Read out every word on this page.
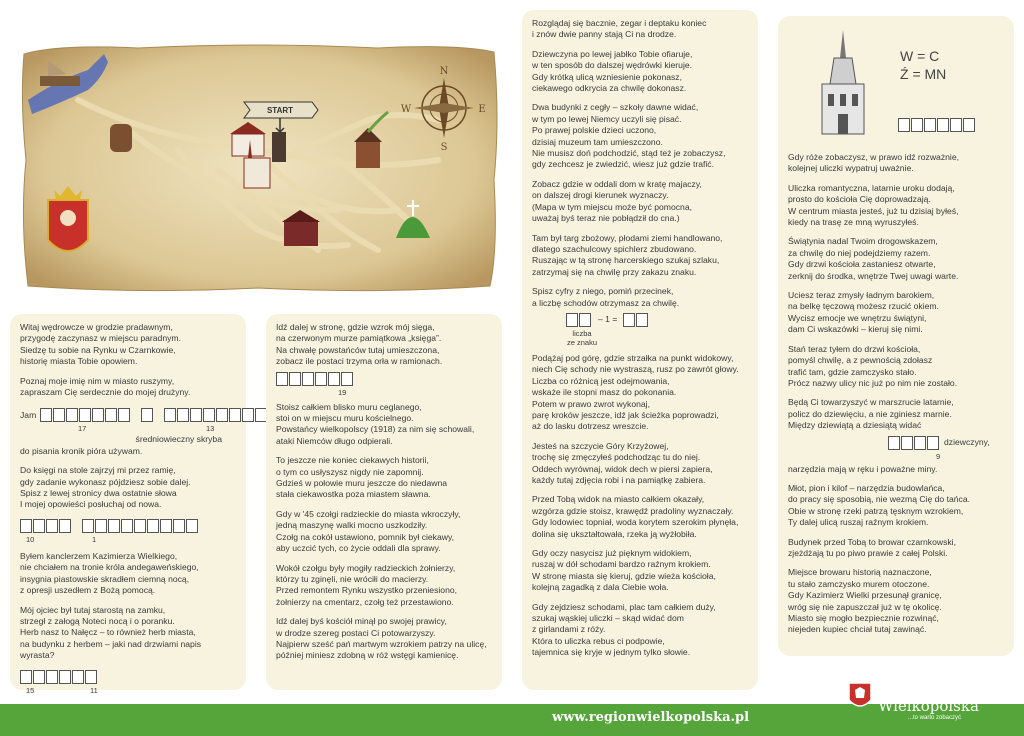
START
N
S
E
W

Witaj wędrowcze w grodzie pradawnym,
przygodę zaczynasz w miejscu paradnym.
Siedzę tu sobie na Rynku w Czarnkowie,
historię miasta Tobie opowiem.

Poznaj moje imię nim w miasto ruszymy,
zapraszam Cię serdecznie do mojej drużyny.

Jam
17	13

średniowieczny skryba

do pisania kronik pióra używam.

Do księgi na stole zajrzyj mi przez ramię,
gdy zadanie wykonasz pójdziesz sobie dalej.
Spisz z lewej stronicy dwa ostatnie słowa
I mojej opowieści posłuchaj od nowa.

10	1

Byłem kanclerzem Kazimierza Wielkiego,
nie chciałem na tronie króla andegaweńskiego,
insygnia piastowskie skradłem ciemną nocą,
z opresji uszedłem z Bożą pomocą.

Mój ojciec był tutaj starostą na zamku,
strzegł z załogą Noteci nocą i o poranku.
Herb nasz to Nałęcz – to również herb miasta,
na budynku z herbem – jaki nad drzwiami napis wyrasta?

15	11

Idź dalej w stronę, gdzie wzrok mój sięga,
na czerwonym murze pamiątkowa „księga”.
Na chwałę powstańców tutaj umieszczona,
zobacz ile postaci trzyma orła w ramionach.

19

Stoisz całkiem blisko muru ceglanego,
stoi on w miejscu muru kościelnego.
Powstańcy wielkopolscy (1918) za nim się schowali,
ataki Niemców długo odpierali.

To jeszcze nie koniec ciekawych historii,
o tym co usłyszysz nigdy nie zapomnij.
Gdzieś w połowie muru jeszcze do niedawna
stała ciekawostka poza miastem sławna.

Gdy w '45 czołgi radzieckie do miasta wkroczyły,
jedną maszynę walki mocno uszkodziły.
Czołg na cokół ustawiono, pomnik był ciekawy,
aby uczcić tych, co życie oddali dla sprawy.

Wokół czołgu były mogiły radzieckich żołnierzy,
którzy tu zginęli, nie wróciłi do macierzy.
Przed remontem Rynku wszystko przeniesiono,
żołnierzy na cmentarz, czołg też przestawiono.

Idź dalej byś kościół minął po swojej prawicy,
w drodze szereg postaci Ci potowarzyszy.
Najpierw sześć pań martwym wzrokiem patrzy na ulicę,
później miniesz zdobną w róż wstęgi kamienicę.

Rozglądaj się bacznie, zegar i deptaku koniec
i znów dwie panny stają Ci na drodze.

Dziewczyna po lewej jabłko Tobie ofiaruje,
w ten sposób do dalszej wędrówki kieruje.
Gdy krótką ulicą wzniesienie pokonasz,
ciekawego odkrycia za chwilę dokonasz.

Dwa budynki z cegły – szkoły dawne widać,
w tym po lewej Niemcy uczyli się pisać.
Po prawej polskie dzieci uczono,
dzisiaj muzeum tam umieszczono.
Nie musisz doń podchodzić, stąd też je zobaczysz,
gdy zechcesz je zwiedzić, wiesz już gdzie trafić.

Zobacz gdzie w oddali dom w kratę majaczy,
on dalszej drogi kierunek wyznaczy.
(Mapa w tym miejscu może być pomocna,
uważaj byś teraz nie pobłądził do cna.)

Tam był targ zbożowy, płodami ziemi handlowano,
dlatego szachulcowy spichlerz zbudowano.
Ruszając w tą stronę harcerskiego szukaj szlaku,
zatrzymaj się na chwilę przy zakazu znaku.

Spisz cyfry z niego, pomiń przecinek,
a liczbę schodów otrzymasz za chwilę.

– 1 =

liczba
ze znaku

Podążaj pod górę, gdzie strzałka na punkt widokowy,
niech Cię schody nie wystraszą, rusz po zawrót głowy.
Liczba co różnicą jest odejmowania,
wskaże ile stopni masz do pokonania.
Potem w prawo zwrot wykonaj,
parę kroków jeszcze, idź jak ścieżka poprowadzi,
aż do lasku dotrzesz wreszcie.

Jesteś na szczycie Góry Krzyżowej,
trochę się zmęczyłeś podchodząc tu do niej.
Oddech wyrównaj, widok dech w piersi zapiera,
każdy tutaj zdjęcia robi i na pamiątkę zabiera.

Przed Tobą widok na miasto całkiem okazały,
wzgórza gdzie stoisz, krawędź pradoliny wyznaczały.
Gdy lodowiec topniał, woda korytem szerokim płynęła,
dolina się ukształtowała, rzeka ją wyżłobiła.

Gdy oczy nasycisz już pięknym widokiem,
ruszaj w dół schodami bardzo raźnym krokiem.
W stronę miasta się kieruj, gdzie wieża kościoła,
kolejną zagadką z dala Ciebie woła.

Gdy zejdziesz schodami, plac tam całkiem duży,
szukaj wąskiej uliczki – skąd widać dom
z girlandami z róży.
Która to uliczka rebus ci podpowie,
tajemnica się kryje w jednym tylko słowie.

W = C
Ź = MN

Gdy róże zobaczysz, w prawo idź rozważnie,
kolejnej uliczki wypatruj uważnie.

Uliczka romantyczna, latarnie uroku dodają,
prosto do kościoła Cię doprowadzają.
W centrum miasta jesteś, już tu dzisiaj byłeś,
kiedy na trasę ze mną wyruszyłeś.

Świątynia nadal Twoim drogowskazem,
za chwilę do niej podejdziemy razem.
Gdy drzwi kościoła zastaniesz otwarte,
zerknij do środka, wnętrze Twej uwagi warte.

Uciesz teraz zmysły ładnym barokiem,
na belkę tęczową możesz rzucić okiem.
Wycisz emocje we wnętrzu świątyni,
dam Ci wskazówki – kieruj się nimi.

Stań teraz tyłem do drzwi kościoła,
pomyśl chwilę, a z pewnością zdołasz
trafić tam, gdzie zamczysko stało.
Prócz nazwy ulicy nic już po nim nie zostało.

Będą Ci towarzyszyć w marszrucie latarnie,
policz do dziewięciu, a nie zginiesz marnie.
Między dziewiątą a dziesiątą widać

dziewczyny,
9

narzędzia mają w ręku i poważne miny.

Młot, pion i kilof – narzędzia budowlańca,
do pracy się sposobią, nie wezmą Cię do tańca.
Obie w stronę rzeki patrzą tęsknym wzrokiem,
Ty dalej ulicą ruszaj raźnym krokiem.

Budynek przed Tobą to browar czarnkowski,
zjeżdżają tu po piwo prawie z całej Polski.

Miejsce browaru historią naznaczone,
tu stało zamczysko murem otoczone.
Gdy Kazimierz Wielki przesunął granicę,
wróg się nie zapuszczał już w tę okolicę.
Miasto się mogło bezpiecznie rozwinąć,
niejeden kupiec chciał tutaj zawinąć.

www.regionwielkopolska.pl
Region
Wielkopolska
...to warto zobaczyć
